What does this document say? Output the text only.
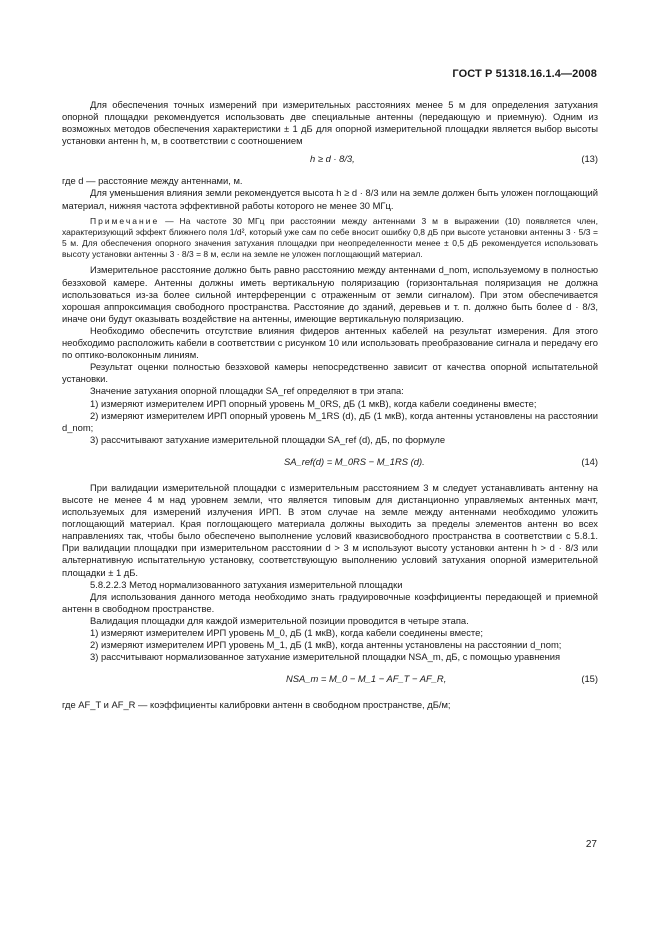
ГОСТ Р 51318.16.1.4—2008

Для обеспечения точных измерений при измерительных расстояниях менее 5 м для определения затухания опорной площадки рекомендуется использовать две специальные антенны (передающую и приемную). Одним из возможных методов обеспечения характеристики ± 1 дБ для опорной измерительной площадки является выбор высоты установки антенн h, м, в соответствии с соотношением

h ≥ d · 8/3,	(13)

где d — расстояние между антеннами, м.

Для уменьшения влияния земли рекомендуется высота h ≥ d · 8/3 или на земле должен быть уложен поглощающий материал, нижняя частота эффективной работы которого не менее 30 МГц.

Примечание — На частоте 30 МГц при расстоянии между антеннами 3 м в выражении (10) появляется член, характеризующий эффект ближнего поля 1/d², который уже сам по себе вносит ошибку 0,8 дБ при высоте установки антенны 3 · 5/3 = 5 м. Для обеспечения опорного значения затухания площадки при неопределенности менее ± 0,5 дБ рекомендуется использовать высоту установки антенны 3 · 8/3 = 8 м, если на земле не уложен поглощающий материал.

Измерительное расстояние должно быть равно расстоянию между антеннами d_nom, используемому в полностью безэховой камере. Антенны должны иметь вертикальную поляризацию (горизонтальная поляризация не должна использоваться из-за более сильной интерференции с отраженным от земли сигналом). При этом обеспечивается хорошая аппроксимация свободного пространства. Расстояние до зданий, деревьев и т. п. должно быть более d · 8/3, иначе они будут оказывать воздействие на антенны, имеющие вертикальную поляризацию.

Необходимо обеспечить отсутствие влияния фидеров антенных кабелей на результат измерения. Для этого необходимо расположить кабели в соответствии с рисунком 10 или использовать преобразование сигнала и передачу его по оптико-волоконным линиям.

Результат оценки полностью безэховой камеры непосредственно зависит от качества опорной испытательной установки.

Значение затухания опорной площадки SA_ref определяют в три этапа:

1) измеряют измерителем ИРП опорный уровень M_0RS, дБ (1 мкВ), когда кабели соединены вместе;

2) измеряют измерителем ИРП опорный уровень M_1RS (d), дБ (1 мкВ), когда антенны установлены на расстоянии d_nom;

3) рассчитывают затухание измерительной площадки SA_ref (d), дБ, по формуле

SA_ref(d) = M_0RS − M_1RS (d).	(14)

При валидации измерительной площадки с измерительным расстоянием 3 м следует устанавливать антенну на высоте не менее 4 м над уровнем земли, что является типовым для дистанционно управляемых антенных мачт, используемых для измерений излучения ИРП. В этом случае на земле между антеннами необходимо уложить поглощающий материал. Края поглощающего материала должны выходить за пределы элементов антенн во всех направлениях так, чтобы было обеспечено выполнение условий квазисвободного пространства в соответствии с 5.8.1. При валидации площадки при измерительном расстоянии d > 3 м используют высоту установки антенн h > d · 8/3 или альтернативную испытательную установку, соответствующую выполнению условий затухания опорной измерительной площадки ± 1 дБ.

5.8.2.2.3 Метод нормализованного затухания измерительной площадки

Для использования данного метода необходимо знать градуировочные коэффициенты передающей и приемной антенн в свободном пространстве.

Валидация площадки для каждой измерительной позиции проводится в четыре этапа.

1) измеряют измерителем ИРП уровень M_0, дБ (1 мкВ), когда кабели соединены вместе;

2) измеряют измерителем ИРП уровень M_1, дБ (1 мкВ), когда антенны установлены на расстоянии d_nom;

3) рассчитывают нормализованное затухание измерительной площадки NSA_m, дБ, с помощью уравнения

NSA_m = M_0 − M_1 − AF_T − AF_R,	(15)

где AF_T и AF_R — коэффициенты калибровки антенн в свободном пространстве, дБ/м;

27
